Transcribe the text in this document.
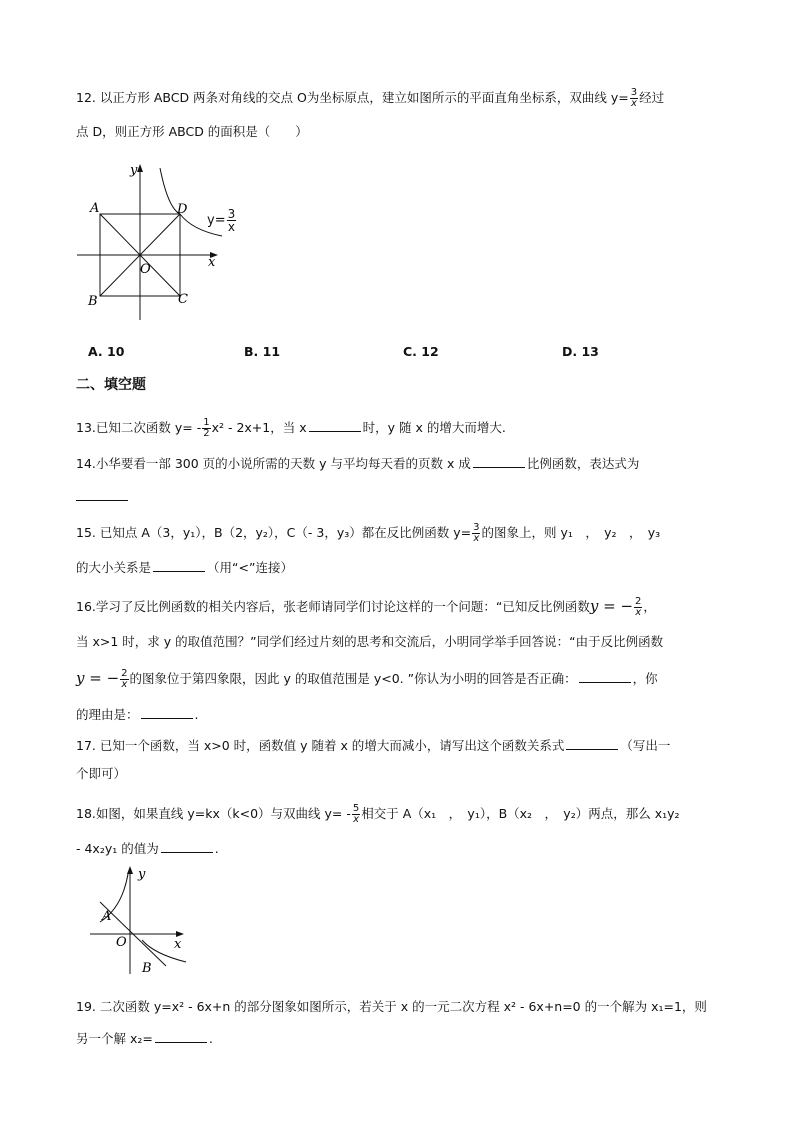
12. 以正方形 ABCD 两条对角线的交点 O为坐标原点，建立如图所示的平面直角坐标系，双曲线 $y= \frac{3}{x}$ 经过
点 D，则正方形 ABCD 的面积是（　　）
y
x
O
A
B	C
D
$y= \frac{3}{x}$
A. 10	B. 11	C. 12	D. 13
二、填空题
13.已知二次函数 $y= - \frac{1}{2} x^2 - 2x+1$，当 x	时，y 随 x 的增大而增大.
14.小华要看一部 300 页的小说所需的天数 y 与平均每天看的页数 x 成	比例函数，表达式为
15. 已知点 A（3，y₁），B（2，y₂），C（- 3，y₃）都在反比例函数 $y= \frac{3}{x}$ 的图象上，则 y₁　，　y₂　，　y₃
的大小关系是	（用“<”连接）
16.学习了反比例函数的相关内容后，张老师请同学们讨论这样的一个问题：“已知反比例函数y = − $\frac{2}{x}$ ，
当 x>1 时，求 y 的取值范围？”同学们经过片刻的思考和交流后，小明同学举手回答说：“由于反比例函数
y = − $\frac{2}{x}$ 的图象位于第四象限，因此 y 的取值范围是 y<0. ”你认为小明的回答是否正确：	，你
的理由是：	.
17. 已知一个函数，当 x>0 时，函数值 y 随着 x 的增大而减小，请写出这个函数关系式	（写出一
个即可）
18.如图，如果直线 y=kx（k<0）与双曲线 $y= - \frac{5}{x}$ 相交于 A（x₁　，　y₁），B（x₂　，　y₂）两点，那么 x₁y₂
- 4x₂y₁ 的值为	.
y
x
O
A
B
19. 二次函数 y=x² - 6x+n 的部分图象如图所示，若关于 x 的一元二次方程 x² - 6x+n=0 的一个解为 x₁=1，则
另一个解 x₂=	.
